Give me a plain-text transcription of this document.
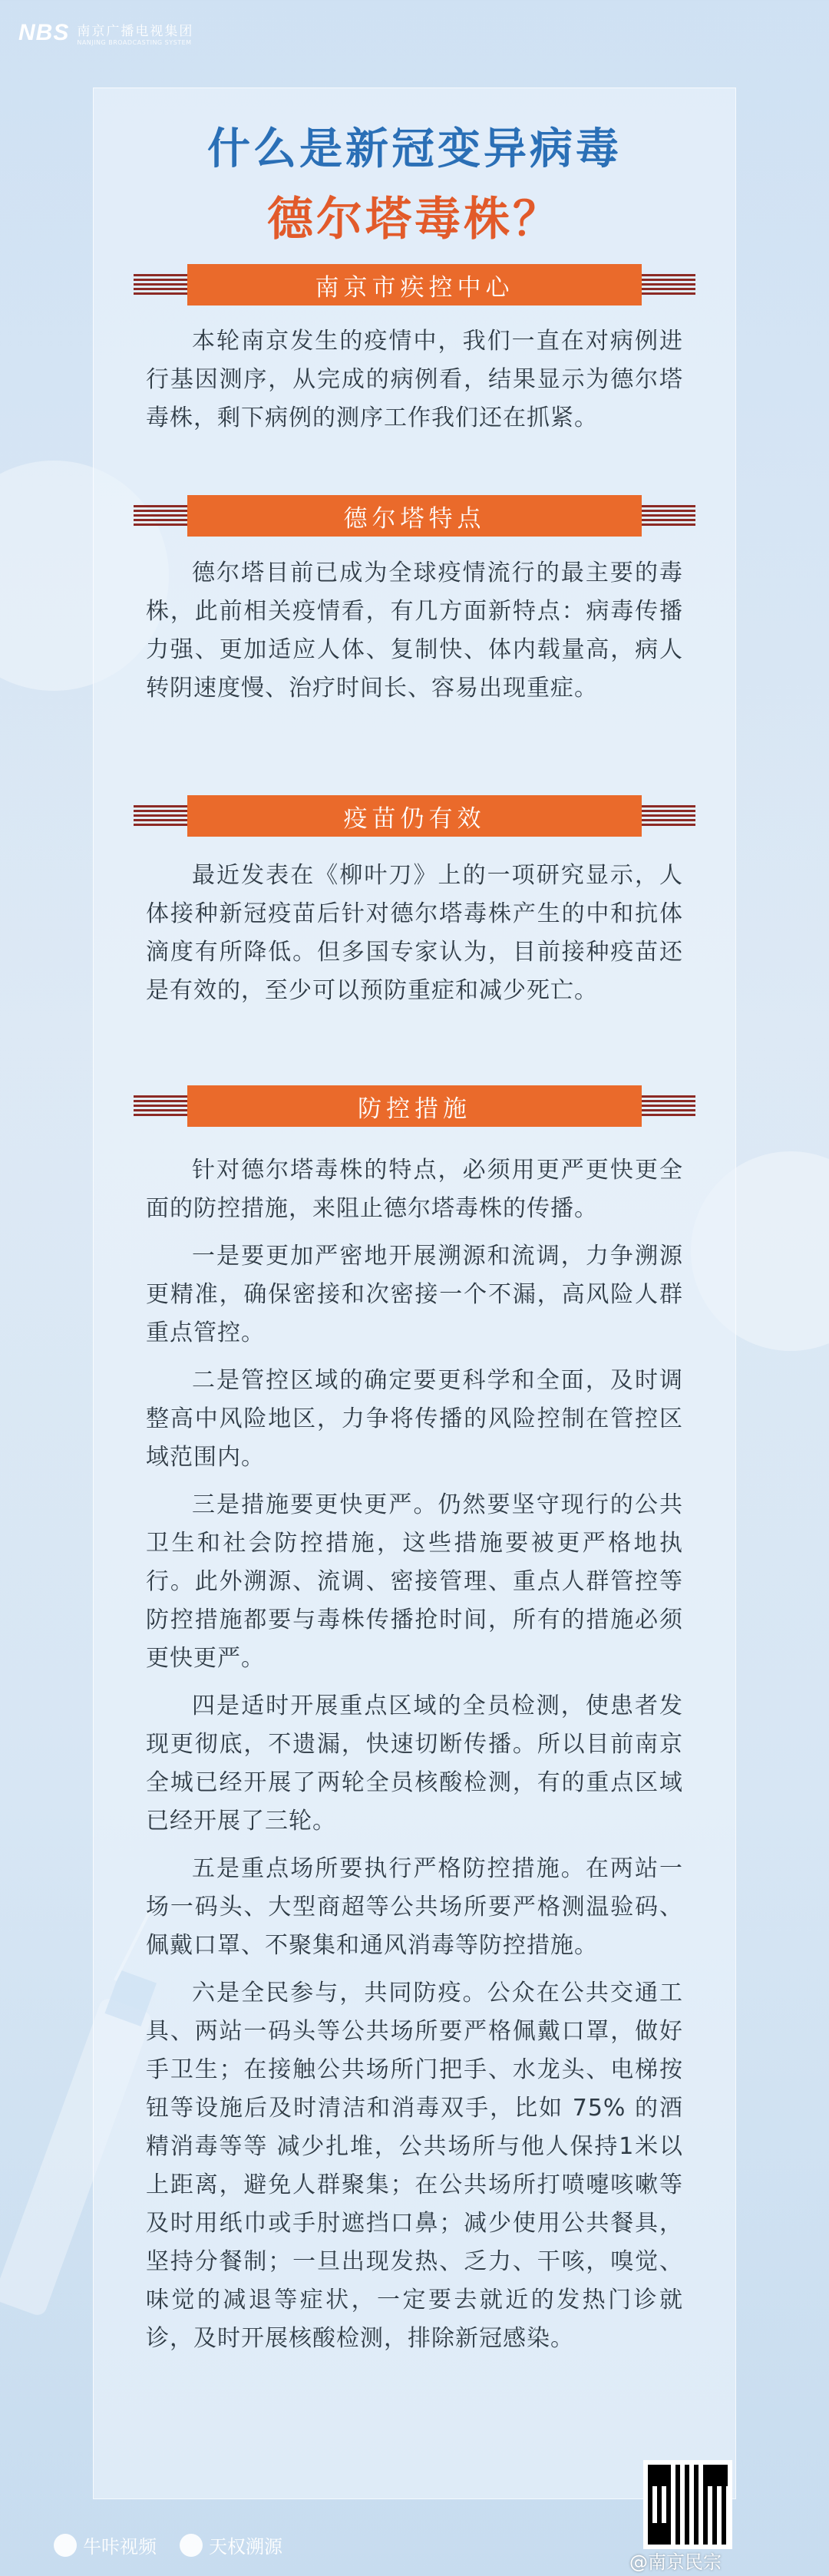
NBS 南京广播电视集团
NANJING BROADCASTING SYSTEM
什么是新冠变异病毒
德尔塔毒株？
南京市疾控中心

本轮南京发生的疫情中，我们一直在对病例进行基因测序，从完成的病例看，结果显示为德尔塔毒株，剩下病例的测序工作我们还在抓紧。

德尔塔特点

德尔塔目前已成为全球疫情流行的最主要的毒株，此前相关疫情看，有几方面新特点：病毒传播力强、更加适应人体、复制快、体内载量高，病人转阴速度慢、治疗时间长、容易出现重症。

疫苗仍有效

最近发表在《柳叶刀》上的一项研究显示，人体接种新冠疫苗后针对德尔塔毒株产生的中和抗体滴度有所降低。但多国专家认为，目前接种疫苗还是有效的，至少可以预防重症和减少死亡。

防控措施

针对德尔塔毒株的特点，必须用更严更快更全面的防控措施，来阻止德尔塔毒株的传播。

一是要更加严密地开展溯源和流调，力争溯源更精准，确保密接和次密接一个不漏，高风险人群重点管控。

二是管控区域的确定要更科学和全面，及时调整高中风险地区，力争将传播的风险控制在管控区域范围内。

三是措施要更快更严。仍然要坚守现行的公共卫生和社会防控措施，这些措施要被更严格地执行。此外溯源、流调、密接管理、重点人群管控等防控措施都要与毒株传播抢时间，所有的措施必须更快更严。

四是适时开展重点区域的全员检测，使患者发现更彻底，不遗漏，快速切断传播。所以目前南京全城已经开展了两轮全员核酸检测，有的重点区域已经开展了三轮。

五是重点场所要执行严格防控措施。在两站一场一码头、大型商超等公共场所要严格测温验码、佩戴口罩、不聚集和通风消毒等防控措施。

六是全民参与，共同防疫。公众在公共交通工具、两站一码头等公共场所要严格佩戴口罩，做好手卫生；在接触公共场所门把手、水龙头、电梯按钮等设施后及时清洁和消毒双手，比如 75% 的酒精消毒等等 减少扎堆，公共场所与他人保持1米以上距离，避免人群聚集；在公共场所打喷嚏咳嗽等及时用纸巾或手肘遮挡口鼻；减少使用公共餐具，坚持分餐制；一旦出现发热、乏力、干咳，嗅觉、味觉的减退等症状，一定要去就近的发热门诊就诊，及时开展核酸检测，排除新冠感染。

牛咔视频	天权溯源
@南京民宗
